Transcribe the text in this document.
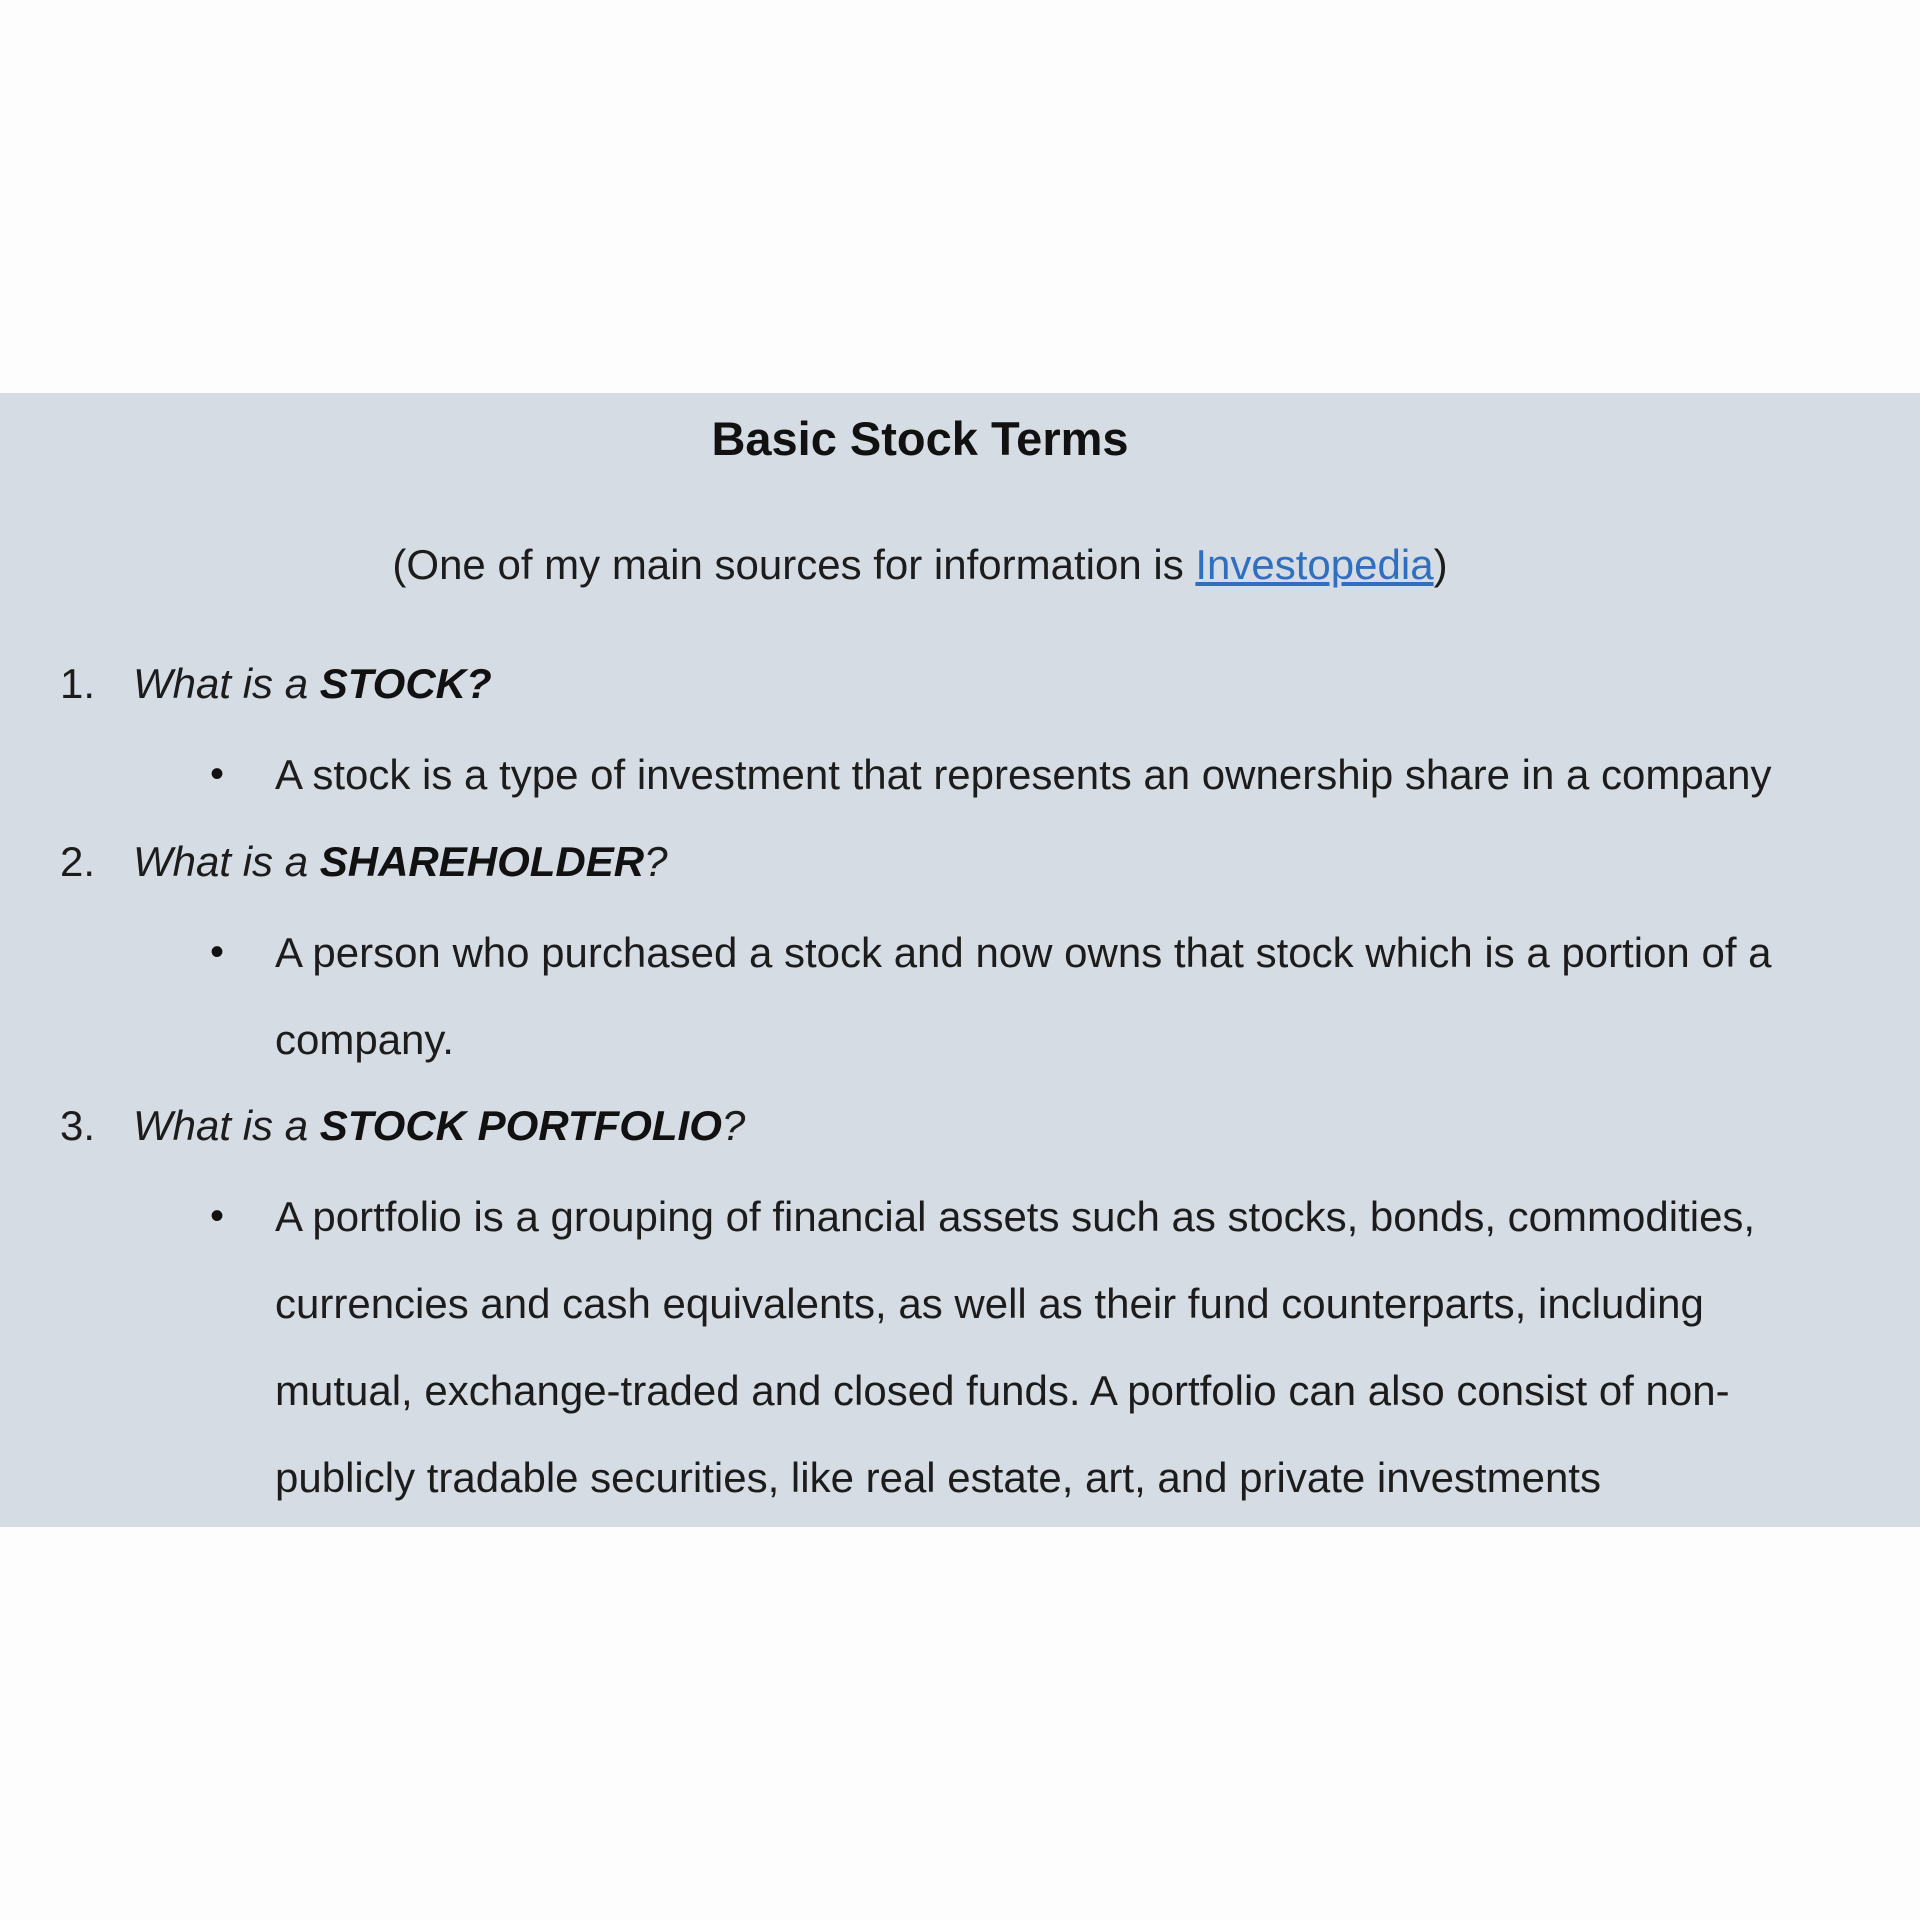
Basic Stock Terms

(One of my main sources for information is Investopedia)

1. What is a STOCK?
• A stock is a type of investment that represents an ownership share in a company
2. What is a SHAREHOLDER?
• A person who purchased a stock and now owns that stock which is a portion of a company.
3. What is a STOCK PORTFOLIO?
• A portfolio is a grouping of financial assets such as stocks, bonds, commodities, currencies and cash equivalents, as well as their fund counterparts, including mutual, exchange-traded and closed funds. A portfolio can also consist of non-publicly tradable securities, like real estate, art, and private investments
